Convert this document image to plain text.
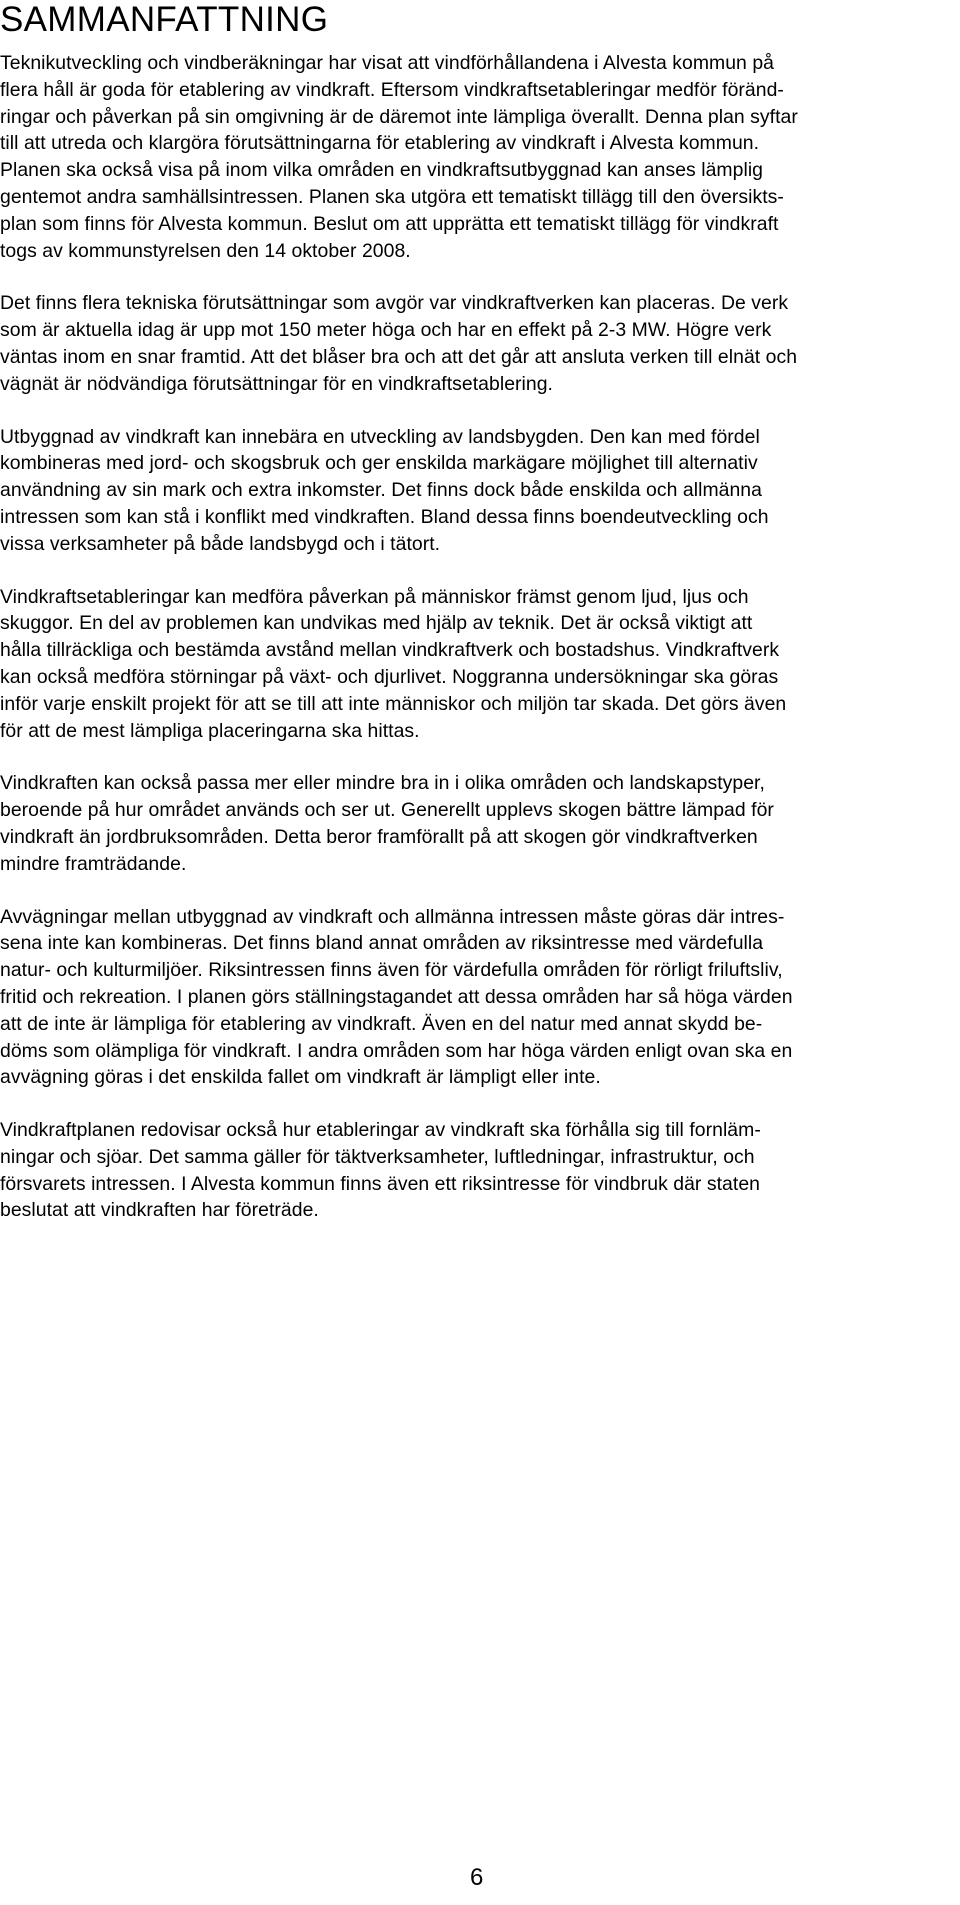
SAMMANFATTNING

Teknikutveckling och vindberäkningar har visat att vindförhållandena i Alvesta kommun på
flera håll är goda för etablering av vindkraft. Eftersom vindkraftsetableringar medför föränd-
ringar och påverkan på sin omgivning är de däremot inte lämpliga överallt. Denna plan syftar
till att utreda och klargöra förutsättningarna för etablering av vindkraft i Alvesta kommun.
Planen ska också visa på inom vilka områden en vindkraftsutbyggnad kan anses lämplig
gentemot andra samhällsintressen. Planen ska utgöra ett tematiskt tillägg till den översikts-
plan som finns för Alvesta kommun. Beslut om att upprätta ett tematiskt tillägg för vindkraft
togs av kommunstyrelsen den 14 oktober 2008.

Det finns flera tekniska förutsättningar som avgör var vindkraftverken kan placeras. De verk
som är aktuella idag är upp mot 150 meter höga och har en effekt på 2-3 MW. Högre verk
väntas inom en snar framtid. Att det blåser bra och att det går att ansluta verken till elnät och
vägnät är nödvändiga förutsättningar för en vindkraftsetablering.

Utbyggnad av vindkraft kan innebära en utveckling av landsbygden. Den kan med fördel
kombineras med jord- och skogsbruk och ger enskilda markägare möjlighet till alternativ
användning av sin mark och extra inkomster. Det finns dock både enskilda och allmänna
intressen som kan stå i konflikt med vindkraften. Bland dessa finns boendeutveckling och
vissa verksamheter på både landsbygd och i tätort.

Vindkraftsetableringar kan medföra påverkan på människor främst genom ljud, ljus och
skuggor. En del av problemen kan undvikas med hjälp av teknik. Det är också viktigt att
hålla tillräckliga och bestämda avstånd mellan vindkraftverk och bostadshus. Vindkraftverk
kan också medföra störningar på växt- och djurlivet. Noggranna undersökningar ska göras
inför varje enskilt projekt för att se till att inte människor och miljön tar skada. Det görs även
för att de mest lämpliga placeringarna ska hittas.

Vindkraften kan också passa mer eller mindre bra in i olika områden och landskapstyper,
beroende på hur området används och ser ut. Generellt upplevs skogen bättre lämpad för
vindkraft än jordbruksområden. Detta beror framförallt på att skogen gör vindkraftverken
mindre framträdande.

Avvägningar mellan utbyggnad av vindkraft och allmänna intressen måste göras där intres-
sena inte kan kombineras. Det finns bland annat områden av riksintresse med värdefulla
natur- och kulturmiljöer. Riksintressen finns även för värdefulla områden för rörligt friluftsliv,
fritid och rekreation. I planen görs ställningstagandet att dessa områden har så höga värden
att de inte är lämpliga för etablering av vindkraft. Även en del natur med annat skydd be-
döms som olämpliga för vindkraft. I andra områden som har höga värden enligt ovan ska en
avvägning göras i det enskilda fallet om vindkraft är lämpligt eller inte.

Vindkraftplanen redovisar också hur etableringar av vindkraft ska förhålla sig till fornläm-
ningar och sjöar. Det samma gäller för täktverksamheter, luftledningar, infrastruktur, och
försvarets intressen. I Alvesta kommun finns även ett riksintresse för vindbruk där staten
beslutat att vindkraften har företräde.

6
